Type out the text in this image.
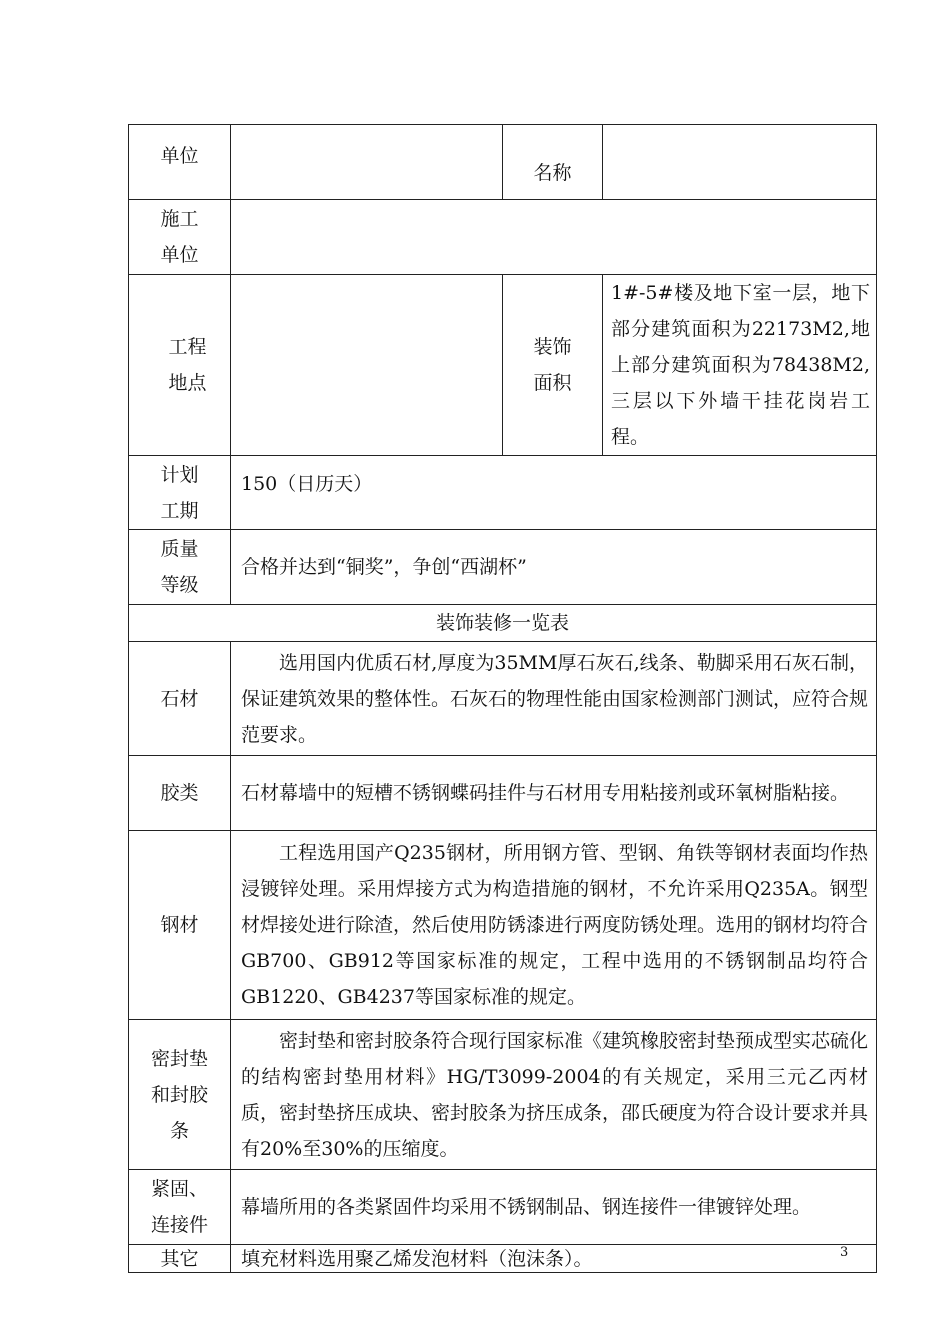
单位		名称	

施工
单位			

工程
地点		装饰
面积	1#-5#楼及地下室一层，地下部分建筑面积为22173M2,地上部分建筑面积为78438M2,三层以下外墙干挂花岗岩工程。

计划
工期	150（日历天）		

质量
等级	合格并达到“铜奖”，争创“西湖杯”		
装饰装修一览表			
石材	选用国内优质石材,厚度为35MM厚石灰石,线条、勒脚采用石灰石制，保证建筑效果的整体性。石灰石的物理性能由国家检测部门测试，应符合规范要求。		
胶类	石材幕墙中的短槽不锈钢蝶码挂件与石材用专用粘接剂或环氧树脂粘接。		
钢材	工程选用国产Q235钢材，所用钢方管、型钢、角铁等钢材表面均作热浸镀锌处理。采用焊接方式为构造措施的钢材，不允许采用Q235A。钢型材焊接处进行除渣，然后使用防锈漆进行两度防锈处理。选用的钢材均符合GB700、GB912等国家标准的规定，工程中选用的不锈钢制品均符合GB1220、GB4237等国家标准的规定。		

密封垫
和封胶
条	密封垫和密封胶条符合现行国家标准《建筑橡胶密封垫预成型实芯硫化的结构密封垫用材料》HG/T3099-2004的有关规定，采用三元乙丙材质，密封垫挤压成块、密封胶条为挤压成条，邵氏硬度为符合设计要求并具有20%至30%的压缩度。		

紧固、
连接件	幕墙所用的各类紧固件均采用不锈钢制品、钢连接件一律镀锌处理。		
其它	填充材料选用聚乙烯发泡材料（泡沫条）。			3
